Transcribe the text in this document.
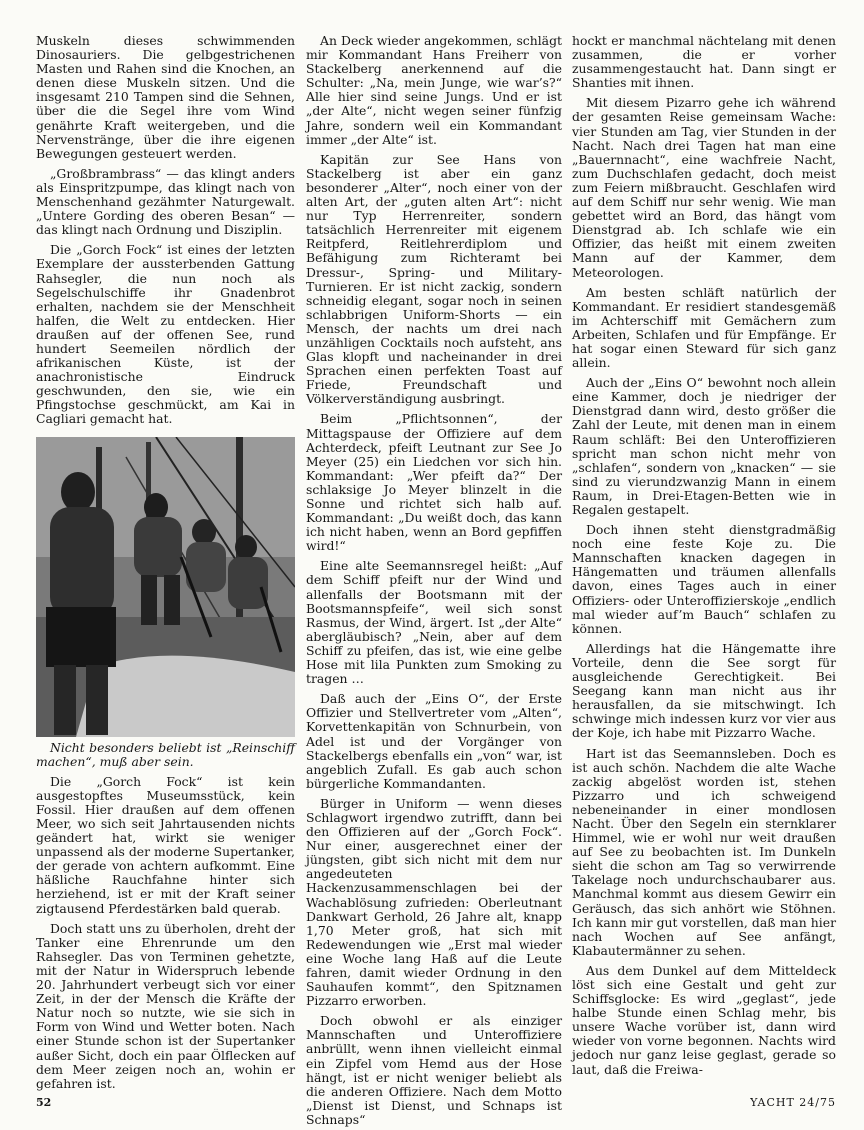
Muskeln dieses schwimmenden Dinosauriers. Die gelbgestrichenen Masten und Rahen sind die Knochen, an denen diese Muskeln sitzen. Und die insgesamt 210 Tampen sind die Sehnen, über die die Segel ihre vom Wind genährte Kraft weitergeben, und die Nervenstränge, über die ihre eigenen Bewegungen gesteuert werden.

„Großbrambrass“ — das klingt anders als Einspritzpumpe, das klingt nach von Menschenhand gezähmter Naturgewalt. „Untere Gording des oberen Besan“ — das klingt nach Ordnung und Disziplin.

Die „Gorch Fock“ ist eines der letzten Exemplare der aussterbenden Gattung Rahsegler, die nun noch als Segelschulschiffe ihr Gnadenbrot erhalten, nachdem sie der Menschheit halfen, die Welt zu entdecken. Hier draußen auf der offenen See, rund hundert Seemeilen nördlich der afrikanischen Küste, ist der anachronistische Eindruck geschwunden, den sie, wie ein Pfingstochse geschmückt, am Kai in Cagliari gemacht hat.

Nicht besonders beliebt ist „Reinschiff machen“, muß aber sein.

Die „Gorch Fock“ ist kein ausgestopftes Museumsstück, kein Fossil. Hier draußen auf dem offenen Meer, wo sich seit Jahrtausenden nichts geändert hat, wirkt sie weniger unpassend als der moderne Supertanker, der gerade von achtern aufkommt. Eine häßliche Rauchfahne hinter sich herziehend, ist er mit der Kraft seiner zigtausend Pferdestärken bald querab.

Doch statt uns zu überholen, dreht der Tanker eine Ehrenrunde um den Rahsegler. Das von Terminen gehetzte, mit der Natur in Widerspruch lebende 20. Jahrhundert verbeugt sich vor einer Zeit, in der der Mensch die Kräfte der Natur noch so nutzte, wie sie sich in Form von Wind und Wetter boten. Nach einer Stunde schon ist der Supertanker außer Sicht, doch ein paar Ölflecken auf dem Meer zeigen noch an, wohin er gefahren ist.

An Deck wieder angekommen, schlägt mir Kommandant Hans Freiherr von Stackelberg anerkennend auf die Schulter: „Na, mein Junge, wie war’s?“ Alle hier sind seine Jungs. Und er ist „der Alte“, nicht wegen seiner fünfzig Jahre, sondern weil ein Kommandant immer „der Alte“ ist.

Kapitän zur See Hans von Stackelberg ist aber ein ganz besonderer „Alter“, noch einer von der alten Art, der „guten alten Art“: nicht nur Typ Herrenreiter, sondern tatsächlich Herrenreiter mit eigenem Reitpferd, Reitlehrerdiplom und Befähigung zum Richteramt bei Dressur-, Spring- und Military-Turnieren. Er ist nicht zackig, sondern schneidig elegant, sogar noch in seinen schlabbrigen Uniform-Shorts — ein Mensch, der nachts um drei nach unzähligen Cocktails noch aufsteht, ans Glas klopft und nacheinander in drei Sprachen einen perfekten Toast auf Friede, Freundschaft und Völkerverständigung ausbringt.

Beim „Pflichtsonnen“, der Mittagspause der Offiziere auf dem Achterdeck, pfeift Leutnant zur See Jo Meyer (25) ein Liedchen vor sich hin. Kommandant: „Wer pfeift da?“ Der schlaksige Jo Meyer blinzelt in die Sonne und richtet sich halb auf. Kommandant: „Du weißt doch, das kann ich nicht haben, wenn an Bord gepfiffen wird!“

Eine alte Seemannsregel heißt: „Auf dem Schiff pfeift nur der Wind und allenfalls der Bootsmann mit der Bootsmannspfeife“, weil sich sonst Rasmus, der Wind, ärgert. Ist „der Alte“ abergläubisch? „Nein, aber auf dem Schiff zu pfeifen, das ist, wie eine gelbe Hose mit lila Punkten zum Smoking zu tragen …

Daß auch der „Eins O“, der Erste Offizier und Stellvertreter vom „Alten“, Korvettenkapitän von Schnurbein, von Adel ist und der Vorgänger von Stackelbergs ebenfalls ein „von“ war, ist angeblich Zufall. Es gab auch schon bürgerliche Kommandanten.

Bürger in Uniform — wenn dieses Schlagwort irgendwo zutrifft, dann bei den Offizieren auf der „Gorch Fock“. Nur einer, ausgerechnet einer der jüngsten, gibt sich nicht mit dem nur angedeuteten Hackenzusammenschlagen bei der Wachablösung zufrieden: Oberleutnant Dankwart Gerhold, 26 Jahre alt, knapp 1,70 Meter groß, hat sich mit Redewendungen wie „Erst mal wieder eine Woche lang Haß auf die Leute fahren, damit wieder Ordnung in den Sauhaufen kommt“, den Spitznamen Pizzarro erworben.

Doch obwohl er als einziger Mannschaften und Unteroffiziere anbrüllt, wenn ihnen vielleicht einmal ein Zipfel vom Hemd aus der Hose hängt, ist er nicht weniger beliebt als die anderen Offiziere. Nach dem Motto „Dienst ist Dienst, und Schnaps ist Schnaps“

hockt er manchmal nächtelang mit denen zusammen, die er vorher zusammengestaucht hat. Dann singt er Shanties mit ihnen.

Mit diesem Pizarro gehe ich während der gesamten Reise gemeinsam Wache: vier Stunden am Tag, vier Stunden in der Nacht. Nach drei Tagen hat man eine „Bauernnacht“, eine wachfreie Nacht, zum Duchschlafen gedacht, doch meist zum Feiern mißbraucht. Geschlafen wird auf dem Schiff nur sehr wenig. Wie man gebettet wird an Bord, das hängt vom Dienstgrad ab. Ich schlafe wie ein Offizier, das heißt mit einem zweiten Mann auf der Kammer, dem Meteorologen.

Am besten schläft natürlich der Kommandant. Er residiert standesgemäß im Achterschiff mit Gemächern zum Arbeiten, Schlafen und für Empfänge. Er hat sogar einen Steward für sich ganz allein.

Auch der „Eins O“ bewohnt noch allein eine Kammer, doch je niedriger der Dienstgrad dann wird, desto größer die Zahl der Leute, mit denen man in einem Raum schläft: Bei den Unteroffizieren spricht man schon nicht mehr von „schlafen“, sondern von „knacken“ — sie sind zu vierundzwanzig Mann in einem Raum, in Drei-Etagen-Betten wie in Regalen gestapelt.

Doch ihnen steht dienstgradmäßig noch eine feste Koje zu. Die Mannschaften knacken dagegen in Hängematten und träumen allenfalls davon, eines Tages auch in einer Offiziers- oder Unteroffizierskoje „endlich mal wieder auf’m Bauch“ schlafen zu können.

Allerdings hat die Hängematte ihre Vorteile, denn die See sorgt für ausgleichende Gerechtigkeit. Bei Seegang kann man nicht aus ihr herausfallen, da sie mitschwingt. Ich schwinge mich indessen kurz vor vier aus der Koje, ich habe mit Pizzarro Wache.

Hart ist das Seemannsleben. Doch es ist auch schön. Nachdem die alte Wache zackig abgelöst worden ist, stehen Pizzarro und ich schweigend nebeneinander in einer mondlosen Nacht. Über den Segeln ein sternklarer Himmel, wie er wohl nur weit draußen auf See zu beobachten ist. Im Dunkeln sieht die schon am Tag so verwirrende Takelage noch undurchschaubarer aus. Manchmal kommt aus diesem Gewirr ein Geräusch, das sich anhört wie Stöhnen. Ich kann mir gut vorstellen, daß man hier nach Wochen auf See anfängt, Klabautermänner zu sehen.

Aus dem Dunkel auf dem Mitteldeck löst sich eine Gestalt und geht zur Schiffsglocke: Es wird „geglast“, jede halbe Stunde einen Schlag mehr, bis unsere Wache vorüber ist, dann wird wieder von vorne begonnen. Nachts wird jedoch nur ganz leise geglast, gerade so laut, daß die Freiwa-

52	YACHT 24/75
